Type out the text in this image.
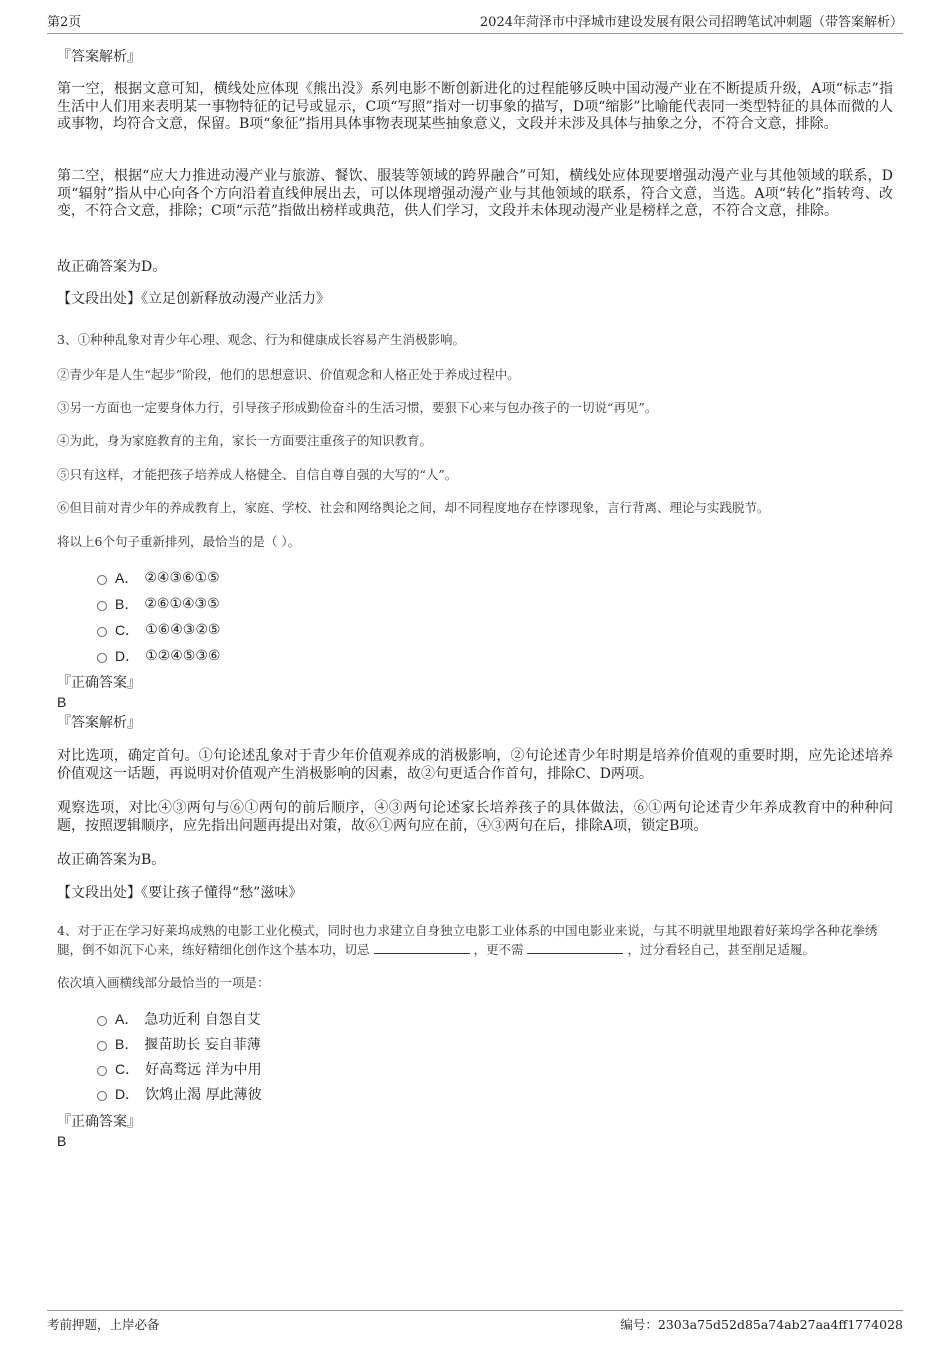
第2页	2024年菏泽市中泽城市建设发展有限公司招聘笔试冲刺题（带答案解析）
『答案解析』
第一空，根据文意可知，横线处应体现《熊出没》系列电影不断创新进化的过程能够反映中国动漫产业在不断提质升级，A项“标志”指生活中人们用来表明某一事物特征的记号或显示，C项“写照”指对一切事象的描写，D项“缩影”比喻能代表同一类型特征的具体而微的人或事物，均符合文意，保留。B项“象征”指用具体事物表现某些抽象意义，文段并未涉及具体与抽象之分，不符合文意，排除。
第二空，根据“应大力推进动漫产业与旅游、餐饮、服装等领域的跨界融合”可知，横线处应体现要增强动漫产业与其他领域的联系，D项“辐射”指从中心向各个方向沿着直线伸展出去，可以体现增强动漫产业与其他领域的联系，符合文意，当选。A项“转化”指转弯、改变，不符合文意，排除；C项“示范”指做出榜样或典范，供人们学习，文段并未体现动漫产业是榜样之意，不符合文意，排除。
故正确答案为D。
【文段出处】《立足创新释放动漫产业活力》
3、①种种乱象对青少年心理、观念、行为和健康成长容易产生消极影响。
②青少年是人生“起步”阶段，他们的思想意识、价值观念和人格正处于养成过程中。
③另一方面也一定要身体力行，引导孩子形成勤俭奋斗的生活习惯，要狠下心来与包办孩子的一切说“再见”。
④为此，身为家庭教育的主角，家长一方面要注重孩子的知识教育。
⑤只有这样，才能把孩子培养成人格健全、自信自尊自强的大写的“人”。
⑥但目前对青少年的养成教育上，家庭、学校、社会和网络舆论之间，却不同程度地存在悖谬现象，言行背离、理论与实践脱节。
将以上6个句子重新排列，最恰当的是（ ）。
A． ②④③⑥①⑤
B． ②⑥①④③⑤
C． ①⑥④③②⑤
D． ①②④⑤③⑥
『正确答案』
B
『答案解析』
对比选项，确定首句。①句论述乱象对于青少年价值观养成的消极影响，②句论述青少年时期是培养价值观的重要时期，应先论述培养价值观这一话题，再说明对价值观产生消极影响的因素，故②句更适合作首句，排除C、D两项。
观察选项，对比④③两句与⑥①两句的前后顺序，④③两句论述家长培养孩子的具体做法，⑥①两句论述青少年养成教育中的种种问题，按照逻辑顺序，应先指出问题再提出对策，故⑥①两句应在前，④③两句在后，排除A项，锁定B项。
故正确答案为B。
【文段出处】《要让孩子懂得“愁”滋味》
4、对于正在学习好莱坞成熟的电影工业化模式，同时也力求建立自身独立电影工业体系的中国电影业来说，与其不明就里地跟着好莱坞学各种花拳绣腿，倒不如沉下心来，练好精细化创作这个基本功，切忌	，更不需	，过分看轻自己，甚至削足适履。
依次填入画横线部分最恰当的一项是：
A． 急功近利 自怨自艾
B． 揠苗助长 妄自菲薄
C． 好高骛远 洋为中用
D． 饮鸩止渴 厚此薄彼
『正确答案』
B
考前押题，上岸必备	编号：2303a75d52d85a74ab27aa4ff1774028
